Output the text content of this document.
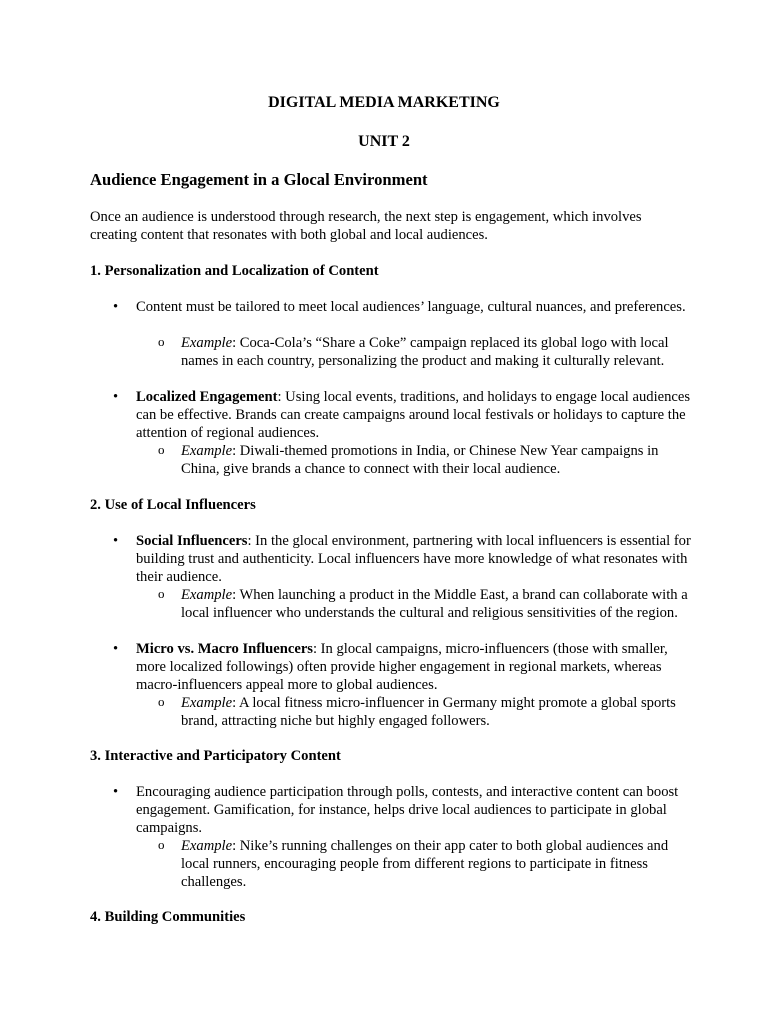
DIGITAL MEDIA MARKETING
UNIT 2
Audience Engagement in a Glocal Environment
Once an audience is understood through research, the next step is engagement, which involves creating content that resonates with both global and local audiences.
1. Personalization and Localization of Content
• Content must be tailored to meet local audiences’ language, cultural nuances, and preferences.
o Example: Coca-Cola’s “Share a Coke” campaign replaced its global logo with local names in each country, personalizing the product and making it culturally relevant.
• Localized Engagement: Using local events, traditions, and holidays to engage local audiences can be effective. Brands can create campaigns around local festivals or holidays to capture the attention of regional audiences.
o Example: Diwali-themed promotions in India, or Chinese New Year campaigns in China, give brands a chance to connect with their local audience.
2. Use of Local Influencers
• Social Influencers: In the glocal environment, partnering with local influencers is essential for building trust and authenticity. Local influencers have more knowledge of what resonates with their audience.
o Example: When launching a product in the Middle East, a brand can collaborate with a local influencer who understands the cultural and religious sensitivities of the region.
• Micro vs. Macro Influencers: In glocal campaigns, micro-influencers (those with smaller, more localized followings) often provide higher engagement in regional markets, whereas macro-influencers appeal more to global audiences.
o Example: A local fitness micro-influencer in Germany might promote a global sports brand, attracting niche but highly engaged followers.
3. Interactive and Participatory Content
• Encouraging audience participation through polls, contests, and interactive content can boost engagement. Gamification, for instance, helps drive local audiences to participate in global campaigns.
o Example: Nike’s running challenges on their app cater to both global audiences and local runners, encouraging people from different regions to participate in fitness challenges.
4. Building Communities
